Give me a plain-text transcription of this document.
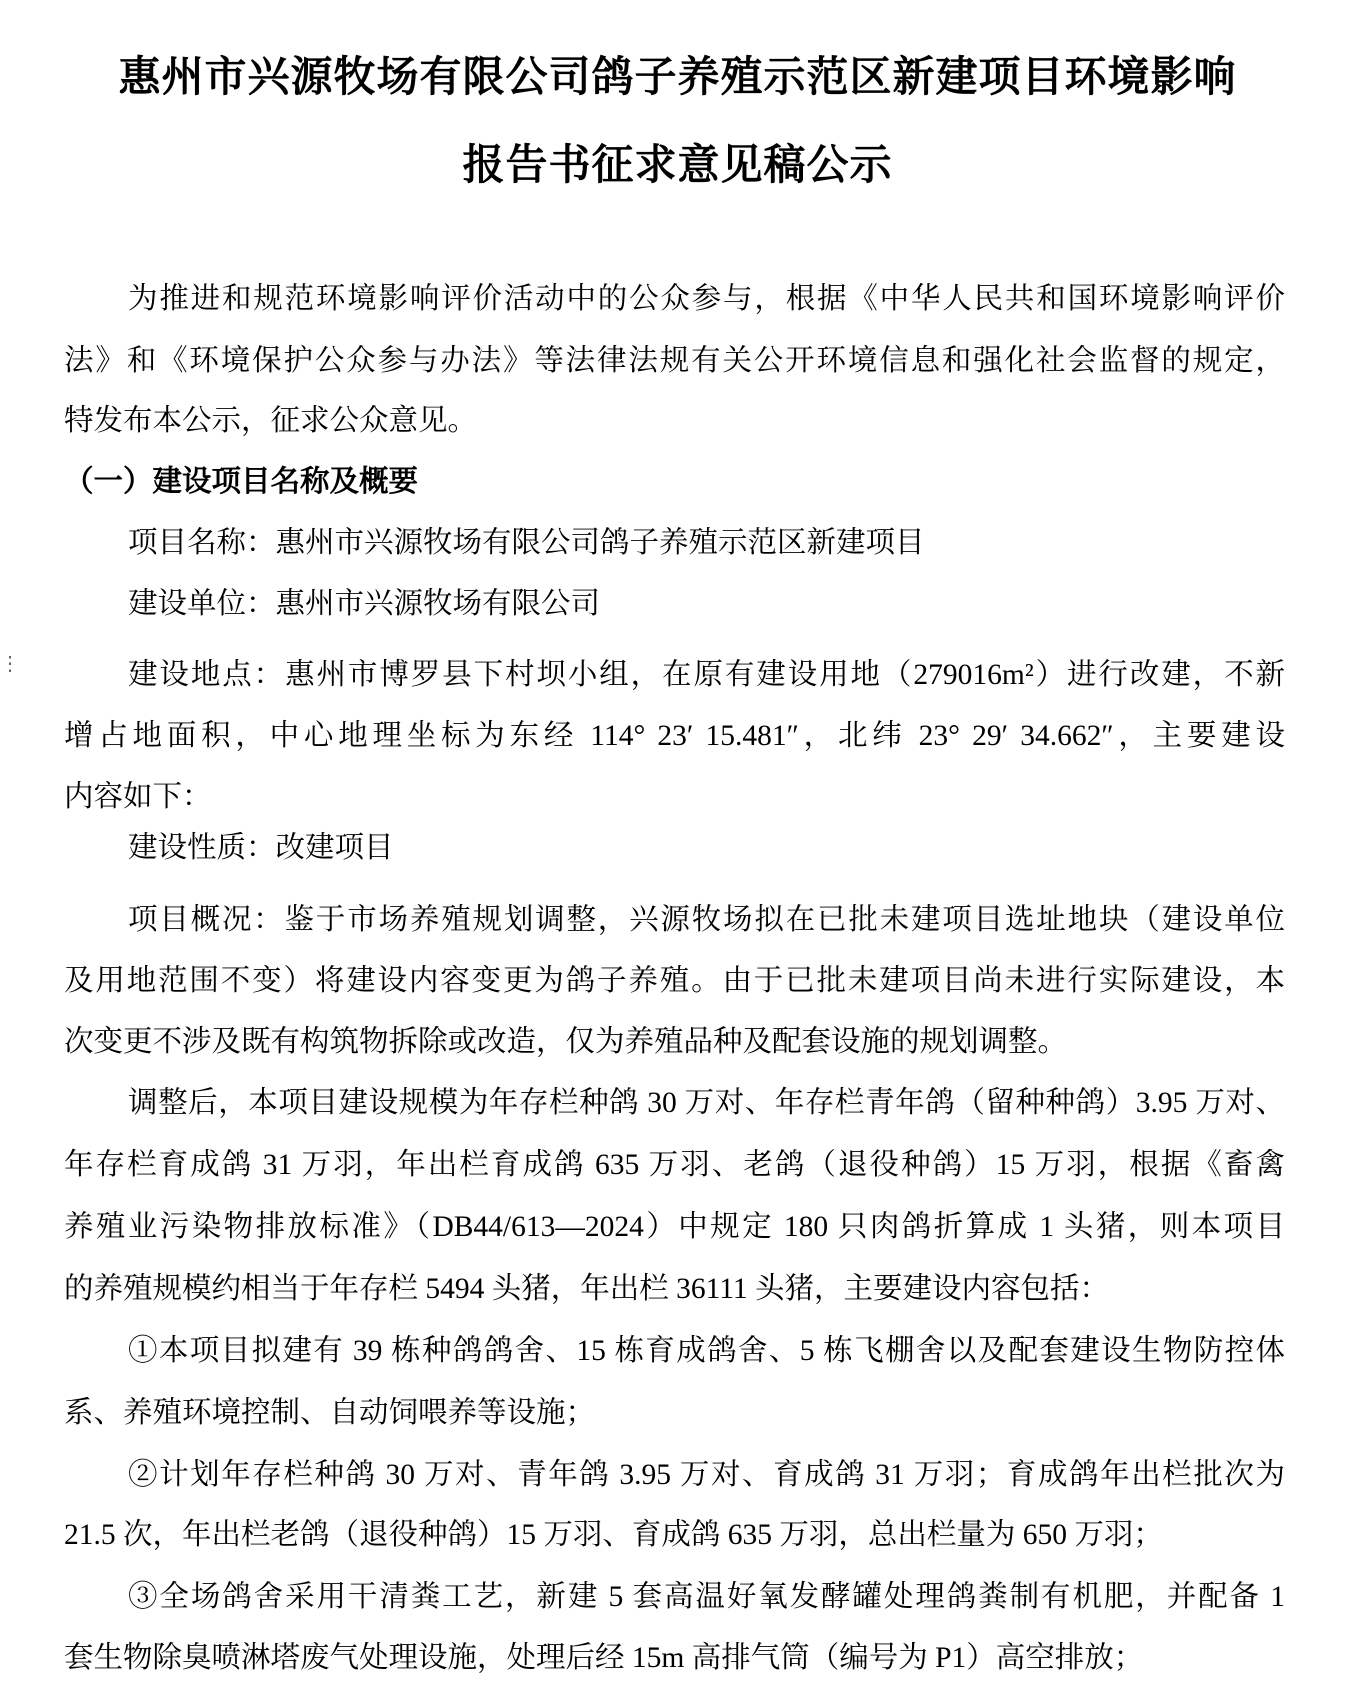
惠州市兴源牧场有限公司鸽子养殖示范区新建项目环境影响
报告书征求意见稿公示
⋮
为推进和规范环境影响评价活动中的公众参与，根据《中华人民共和国环境影响评价
法》和《环境保护公众参与办法》等法律法规有关公开环境信息和强化社会监督的规定，
特发布本公示，征求公众意见。
（一）建设项目名称及概要
项目名称：惠州市兴源牧场有限公司鸽子养殖示范区新建项目
建设单位：惠州市兴源牧场有限公司
建设地点：惠州市博罗县下村坝小组，在原有建设用地（279016m²）进行改建，不新
增占地面积，中心地理坐标为东经 114° 23′ 15.481″，北纬 23° 29′ 34.662″，主要建设
内容如下：
建设性质：改建项目
项目概况：鉴于市场养殖规划调整，兴源牧场拟在已批未建项目选址地块（建设单位
及用地范围不变）将建设内容变更为鸽子养殖。由于已批未建项目尚未进行实际建设，本
次变更不涉及既有构筑物拆除或改造，仅为养殖品种及配套设施的规划调整。
调整后，本项目建设规模为年存栏种鸽 30 万对、年存栏青年鸽（留种种鸽）3.95 万对、
年存栏育成鸽 31 万羽，年出栏育成鸽 635 万羽、老鸽（退役种鸽）15 万羽，根据《畜禽
养殖业污染物排放标准》（DB44/613—2024）中规定 180 只肉鸽折算成 1 头猪，则本项目
的养殖规模约相当于年存栏 5494 头猪，年出栏 36111 头猪，主要建设内容包括：
①本项目拟建有 39 栋种鸽鸽舍、15 栋育成鸽舍、5 栋飞棚舍以及配套建设生物防控体
系、养殖环境控制、自动饲喂养等设施；
②计划年存栏种鸽 30 万对、青年鸽 3.95 万对、育成鸽 31 万羽；育成鸽年出栏批次为
21.5 次，年出栏老鸽（退役种鸽）15 万羽、育成鸽 635 万羽，总出栏量为 650 万羽；
③全场鸽舍采用干清粪工艺，新建 5 套高温好氧发酵罐处理鸽粪制有机肥，并配备 1
套生物除臭喷淋塔废气处理设施，处理后经 15m 高排气筒（编号为 P1）高空排放；
